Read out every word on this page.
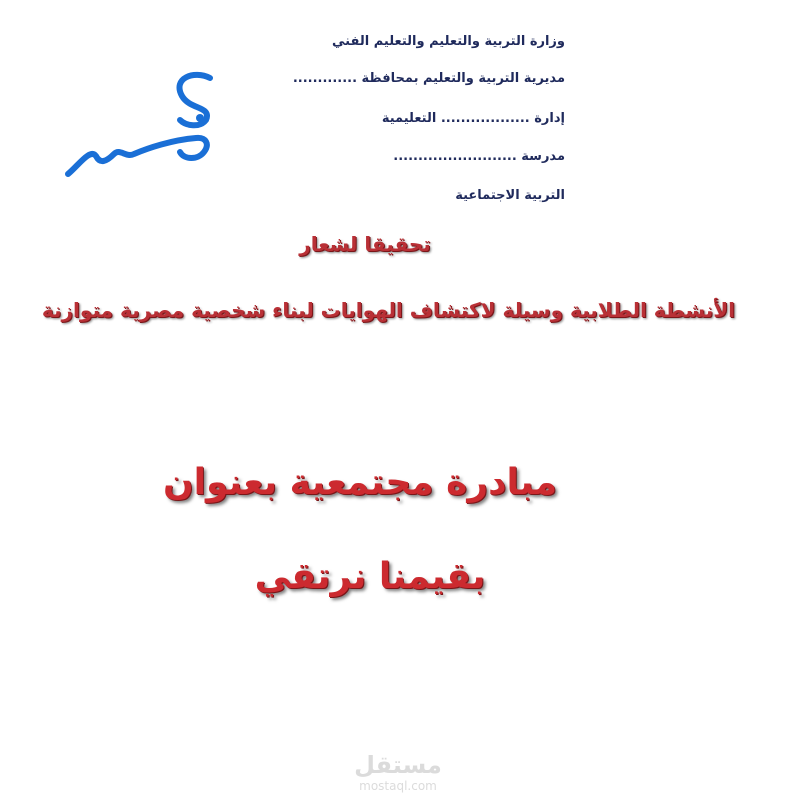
وزارة التربية والتعليم والتعليم الفني
مديرية التربية والتعليم بمحافظة .............
إدارة .................. التعليمية
مدرسة .........................
التربية الاجتماعية
تحقيقا لشعار
الأنشطة الطلابية وسيلة لاكتشاف الهوايات لبناء شخصية مصرية متوازنة
مبادرة مجتمعية بعنوان
بقيمنا نرتقي
مستقل
mostaql.com
